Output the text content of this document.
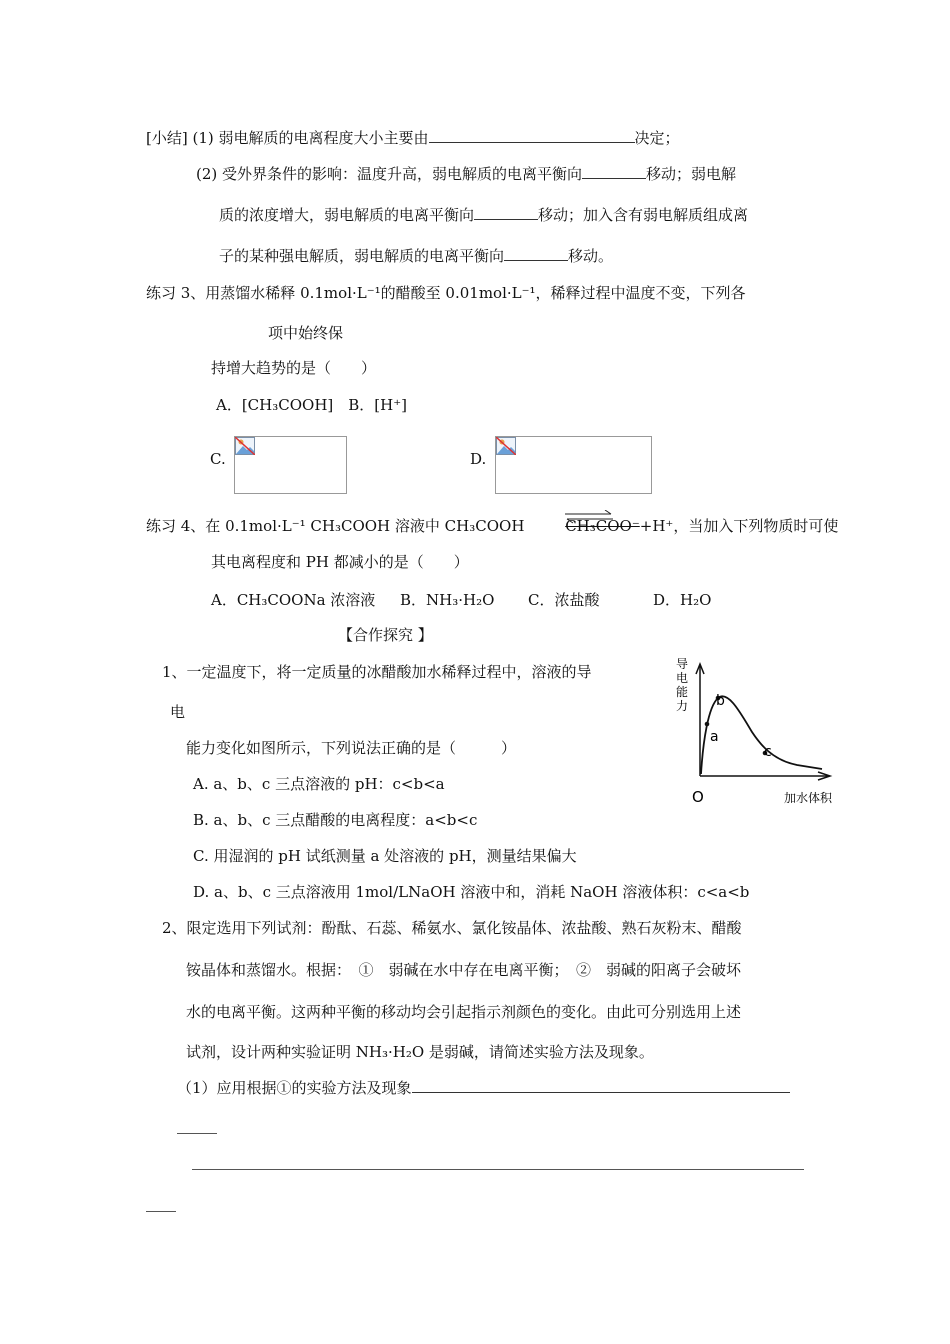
[小结] (1) 弱电解质的电离程度大小主要由	决定；
(2) 受外界条件的影响：温度升高，弱电解质的电离平衡向	移动；弱电解
质的浓度增大，弱电解质的电离平衡向	移动；加入含有弱电解质组成离
子的某种强电解质，弱电解质的电离平衡向	移动。
练习 3、用蒸馏水稀释 0.1mol·L⁻¹的醋酸至 0.01mol·L⁻¹，稀释过程中温度不变，下列各
项中始终保
持增大趋势的是（　　）
A．[CH₃COOH]　B．[H⁺]
C.	D.
练习 4、在 0.1mol·L⁻¹ CH₃COOH 溶液中 CH₃COOH	CH₃COO⁻+H⁺，当加入下列物质时可使
其电离程度和 PH 都减小的是（　　）
A．CH₃COONa 浓溶液 B．NH₃·H₂O C．浓盐酸	D．H₂O
【合作探究 】
1、一定温度下，将一定质量的冰醋酸加水稀释过程中，溶液的导
电
能力变化如图所示，下列说法正确的是（　　　）
A. a、b、c 三点溶液的 pH：c<b<a
B. a、b、c 三点醋酸的电离程度：a<b<c
C. 用湿润的 pH 试纸测量 a 处溶液的 pH，测量结果偏大
D. a、b、c 三点溶液用 1mol/LNaOH 溶液中和，消耗 NaOH 溶液体积：c<a<b
a
b
c
导
电
能
力
O	加水体积
2、限定选用下列试剂：酚酞、石蕊、稀氨水、氯化铵晶体、浓盐酸、熟石灰粉末、醋酸
铵晶体和蒸馏水。根据：　①　弱碱在水中存在电离平衡；　②　弱碱的阳离子会破坏
水的电离平衡。这两种平衡的移动均会引起指示剂颜色的变化。由此可分别选用上述
试剂，设计两种实验证明 NH₃·H₂O 是弱碱，请简述实验方法及现象。
（1）应用根据①的实验方法及现象
